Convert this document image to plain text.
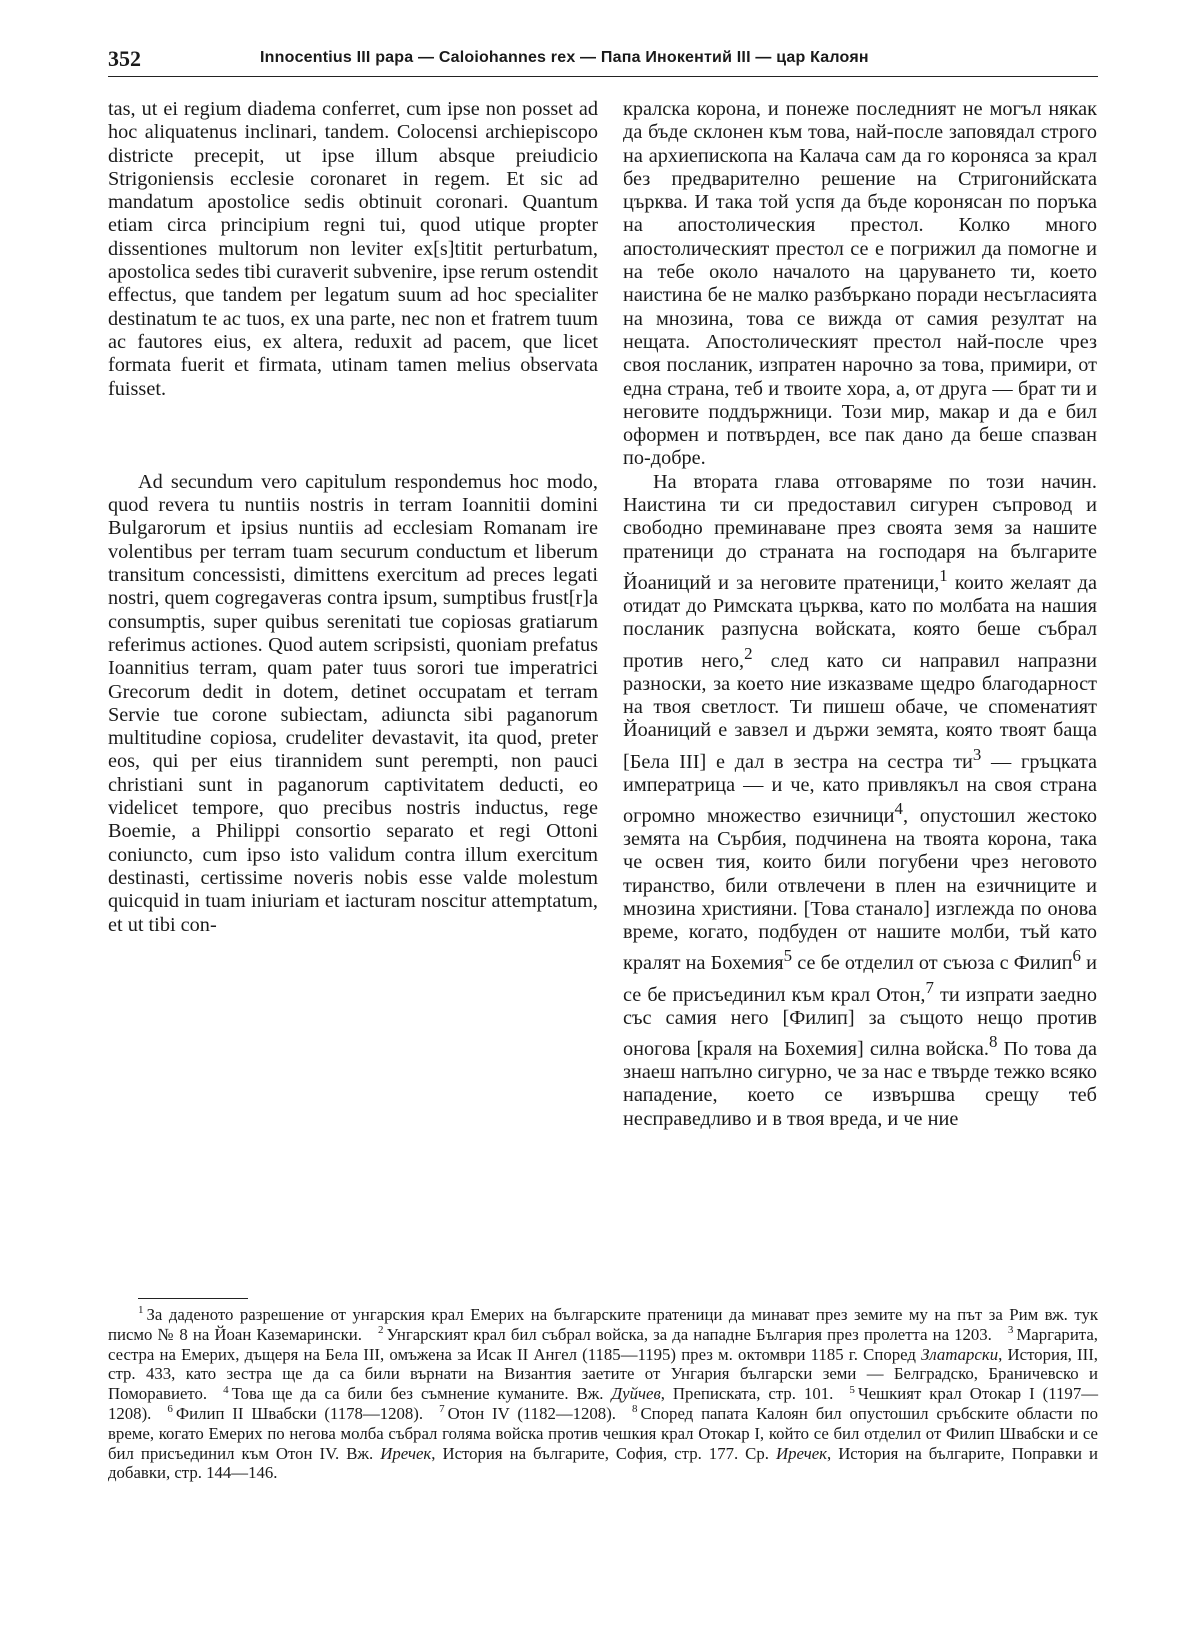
352	Innocentius III papa — Caloiohannes rex — Папа Инокентий III — цар Калоян

tas, ut ei regium diadema conferret, cum ipse non posset ad hoc aliquatenus inclinari, tandem. Colocensi archiepiscopo districte precepit, ut ipse illum absque preiudicio Strigoniensis ecclesie coronaret in regem. Et sic ad mandatum apostolice sedis obtinuit coronari. Quantum etiam circa principium regni tui, quod utique propter dissentiones multorum non leviter ex[s]titit perturbatum, apostolica sedes tibi curaverit subvenire, ipse rerum ostendit effectus, que tandem per legatum suum ad hoc specialiter destinatum te ac tuos, ex una parte, nec non et fratrem tuum ac fautores eius, ex altera, reduxit ad pacem, que licet formata fuerit et firmata, utinam tamen melius observata fuisset.

Ad secundum vero capitulum respondemus hoc modo, quod revera tu nuntiis nostris in terram Ioannitii domini Bulgarorum et ipsius nuntiis ad ecclesiam Romanam ire volentibus per terram tuam securum conductum et liberum transitum concessisti, dimittens exercitum ad preces legati nostri, quem cogregaveras contra ipsum, sumptibus frust[r]a consumptis, super quibus serenitati tue copiosas gratiarum referimus actiones. Quod autem scripsisti, quoniam prefatus Ioannitius terram, quam pater tuus sorori tue imperatrici Grecorum dedit in dotem, detinet occupatam et terram Servie tue corone subiectam, adiuncta sibi paganorum multitudine copiosa, crudeliter devastavit, ita quod, preter eos, qui per eius tirannidem sunt perempti, non pauci christiani sunt in paganorum captivitatem deducti, eo videlicet tempore, quo precibus nostris inductus, rege Boemie, a Philippi consortio separato et regi Ottoni coniuncto, cum ipso isto validum contra illum exercitum destinasti, certissime noveris nobis esse valde molestum quicquid in tuam iniuriam et iacturam noscitur attemptatum, et ut tibi con-

кралска корона, и понеже последният не могъл някак да бъде склонен към това, най-после заповядал строго на архиепископа на Калача сам да го короняса за крал без предварително решение на Стригонийската църква. И така той успя да бъде коронясан по поръка на апостолическия престол. Колко много апостолическият престол се е погрижил да помогне и на тебе около началото на царуването ти, което наистина бе не малко разбъркано поради несъгласията на мнозина, това се вижда от самия резултат на нещата. Апостолическият престол най-после чрез своя посланик, изпратен нарочно за това, примири, от една страна, теб и твоите хора, а, от друга — брат ти и неговите поддържници. Този мир, макар и да е бил оформен и потвърден, все пак дано да беше спазван по-добре.

На втората глава отговаряме по този начин. Наистина ти си предоставил сигурен съпровод и свободно преминаване през своята земя за нашите пратеници до страната на господаря на българите Йоаниций и за неговите пратеници,$^1$ които желаят да отидат до Римската църква, като по молбата на нашия посланик разпусна войската, която беше събрал против него,$^2$ след като си направил напразни разноски, за което ние изказваме щедро благодарност на твоя светлост. Ти пишеш обаче, че споменатият Йоаниций е завзел и държи земята, която твоят баща [Бела III] е дал в зестра на сестра $ти^3$ — гръцката императрица — и че, като привлякъл на своя страна огромно множество езичници$^4$, опустошил жестоко земята на Сърбия, подчинена на твоята корона, така че освен тия, които били погубени чрез неговото тиранство, били отвлечени в плен на езичниците и мнозина християни. [Това станало] изглежда по онова време, когато, подбуден от нашите молби, тъй като кралят на Бохемия$^5$ се бе отделил от съюза с Филип$^6$ и се бе присъединил към крал Отон,$^7$ ти изпрати заедно със самия него [Филип] за същото нещо против оногова [краля на Бохемия] силна войска.$^8$ По това да знаеш напълно сигурно, че за нас е твърде тежко всяко нападение, което се извършва срещу теб несправедливо и в твоя вреда, и че ние

$^1$ За даденото разрешение от унгарския крал Емерих на българските пратеници да минават през земите му на път за Рим вж. тук писмо № 8 на Йоан Каземарински. $^2$ Унгарският крал бил събрал войска, за да нападне България през пролетта на 1203. $^3$ Маргарита, сестра на Емерих, дъщеря на Бела III, омъжена за Исак II Ангел (1185—1195) през м. октомври 1185 г. Според Златарски, История, III, стр. 433, като зестра ще да са били върнати на Византия заетите от Унгария български земи — Белградско, Браничевско и Поморавието. $^4$ Това ще да са били без съмнение куманите. Вж. Дуйчев, Преписката, стр. 101. $^5$ Чешкият крал Отокар I (1197—1208). $^6$ Филип II Швабски (1178—1208). $^7$ Отон IV (1182—1208). $^8$ Според папата Калоян бил опустошил сръбските области по време, когато Емерих по негова молба събрал голяма войска против чешкия крал Отокар I, който се бил отделил от Филип Швабски и се бил присъединил към Отон IV. Вж. Иречек, История на българите, София, стр. 177. Ср. Иречек, История на българите, Поправки и добавки, стр. 144—146.
